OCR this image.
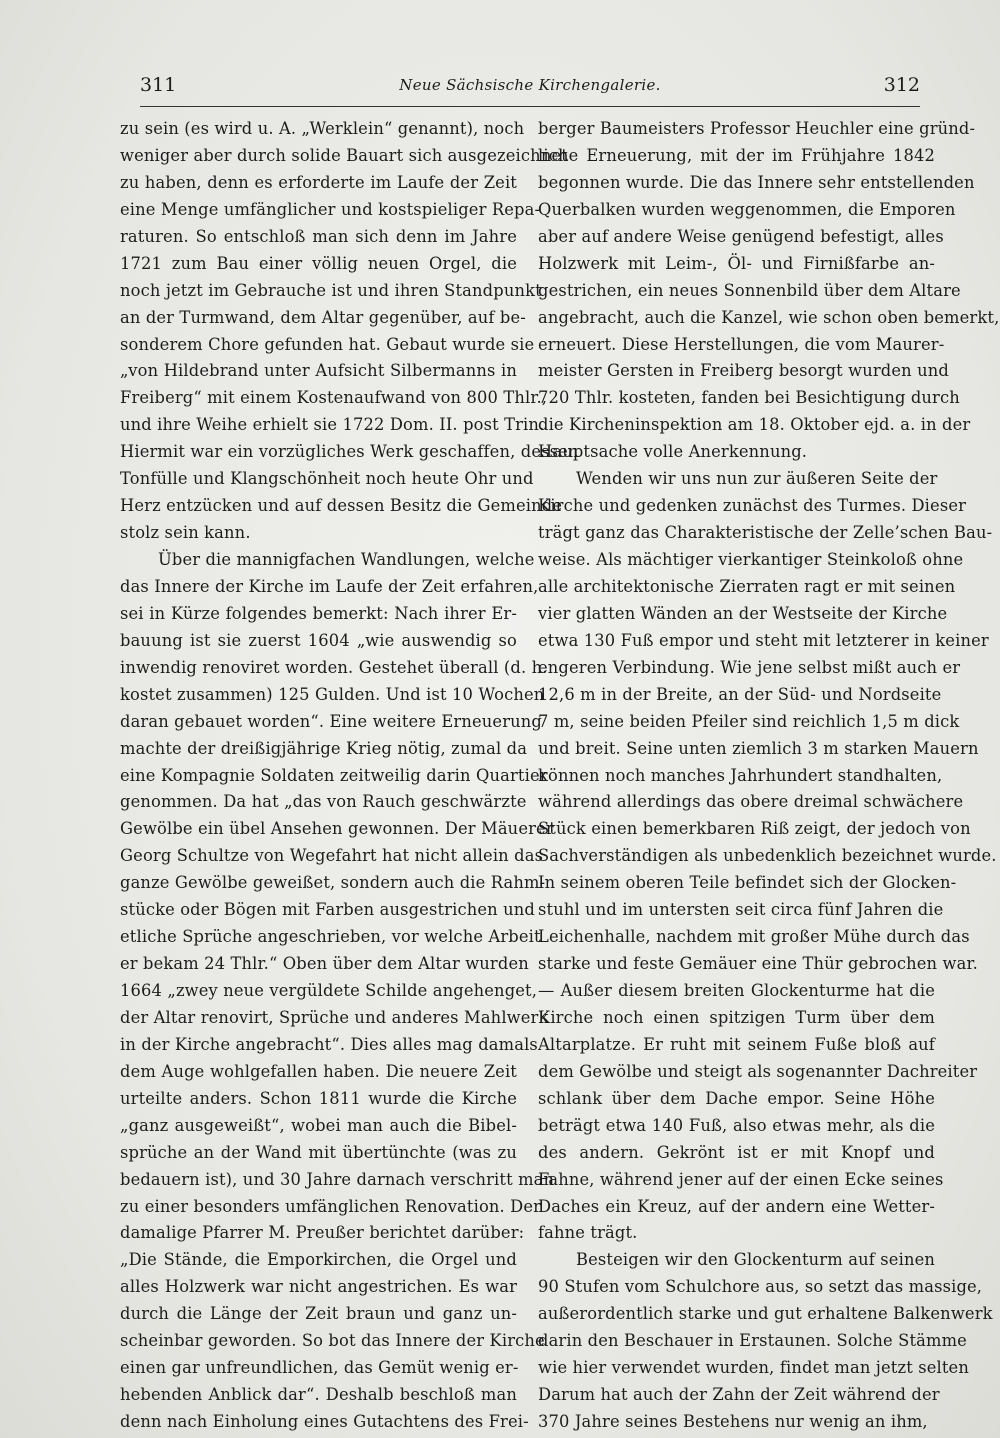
311	Neue Sächsische Kirchengalerie.	312
zu sein (es wird u. A. „Werklein“ genannt), noch
weniger aber durch solide Bauart sich ausgezeichnet
zu haben, denn es erforderte im Laufe der Zeit
eine Menge umfänglicher und kostspieliger Repa-
raturen. So entschloß man sich denn im Jahre
1721 zum Bau einer völlig neuen Orgel, die
noch jetzt im Gebrauche ist und ihren Standpunkt
an der Turmwand, dem Altar gegenüber, auf be-
sonderem Chore gefunden hat. Gebaut wurde sie
„von Hildebrand unter Aufsicht Silbermanns in
Freiberg“ mit einem Kostenaufwand von 800 Thlr.,
und ihre Weihe erhielt sie 1722 Dom. II. post Trin.
Hiermit war ein vorzügliches Werk geschaffen, dessen
Tonfülle und Klangschönheit noch heute Ohr und
Herz entzücken und auf dessen Besitz die Gemeinde
stolz sein kann.
Über die mannigfachen Wandlungen, welche
das Innere der Kirche im Laufe der Zeit erfahren,
sei in Kürze folgendes bemerkt: Nach ihrer Er-
bauung ist sie zuerst 1604 „wie auswendig so
inwendig renoviret worden. Gestehet überall (d. h.
kostet zusammen) 125 Gulden. Und ist 10 Wochen
daran gebauet worden“. Eine weitere Erneuerung
machte der dreißigjährige Krieg nötig, zumal da
eine Kompagnie Soldaten zeitweilig darin Quartier
genommen. Da hat „das von Rauch geschwärzte
Gewölbe ein übel Ansehen gewonnen. Der Mäuerer
Georg Schultze von Wegefahrt hat nicht allein das
ganze Gewölbe geweißet, sondern auch die Rahm-
stücke oder Bögen mit Farben ausgestrichen und
etliche Sprüche angeschrieben, vor welche Arbeit
er bekam 24 Thlr.“ Oben über dem Altar wurden
1664 „zwey neue vergüldete Schilde angehenget,
der Altar renovirt, Sprüche und anderes Mahlwerk
in der Kirche angebracht“. Dies alles mag damals
dem Auge wohlgefallen haben. Die neuere Zeit
urteilte anders. Schon 1811 wurde die Kirche
„ganz ausgeweißt“, wobei man auch die Bibel-
sprüche an der Wand mit übertünchte (was zu
bedauern ist), und 30 Jahre darnach verschritt man
zu einer besonders umfänglichen Renovation. Der
damalige Pfarrer M. Preußer berichtet darüber:
„Die Stände, die Emporkirchen, die Orgel und
alles Holzwerk war nicht angestrichen. Es war
durch die Länge der Zeit braun und ganz un-
scheinbar geworden. So bot das Innere der Kirche
einen gar unfreundlichen, das Gemüt wenig er-
hebenden Anblick dar“. Deshalb beschloß man
denn nach Einholung eines Gutachtens des Frei-
berger Baumeisters Professor Heuchler eine gründ-
liche Erneuerung, mit der im Frühjahre 1842
begonnen wurde. Die das Innere sehr entstellenden
Querbalken wurden weggenommen, die Emporen
aber auf andere Weise genügend befestigt, alles
Holzwerk mit Leim-, Öl- und Firnißfarbe an-
gestrichen, ein neues Sonnenbild über dem Altare
angebracht, auch die Kanzel, wie schon oben bemerkt,
erneuert. Diese Herstellungen, die vom Maurer-
meister Gersten in Freiberg besorgt wurden und
720 Thlr. kosteten, fanden bei Besichtigung durch
die Kircheninspektion am 18. Oktober ejd. a. in der
Hauptsache volle Anerkennung.
Wenden wir uns nun zur äußeren Seite der
Kirche und gedenken zunächst des Turmes. Dieser
trägt ganz das Charakteristische der Zelle’schen Bau-
weise. Als mächtiger vierkantiger Steinkoloß ohne
alle architektonische Zierraten ragt er mit seinen
vier glatten Wänden an der Westseite der Kirche
etwa 130 Fuß empor und steht mit letzterer in keiner
engeren Verbindung. Wie jene selbst mißt auch er
12,6 m in der Breite, an der Süd- und Nordseite
7 m, seine beiden Pfeiler sind reichlich 1,5 m dick
und breit. Seine unten ziemlich 3 m starken Mauern
können noch manches Jahrhundert standhalten,
während allerdings das obere dreimal schwächere
Stück einen bemerkbaren Riß zeigt, der jedoch von
Sachverständigen als unbedenklich bezeichnet wurde.
In seinem oberen Teile befindet sich der Glocken-
stuhl und im untersten seit circa fünf Jahren die
Leichenhalle, nachdem mit großer Mühe durch das
starke und feste Gemäuer eine Thür gebrochen war.
— Außer diesem breiten Glockenturme hat die
Kirche noch einen spitzigen Turm über dem
Altarplatze. Er ruht mit seinem Fuße bloß auf
dem Gewölbe und steigt als sogenannter Dachreiter
schlank über dem Dache empor. Seine Höhe
beträgt etwa 140 Fuß, also etwas mehr, als die
des andern. Gekrönt ist er mit Knopf und
Fahne, während jener auf der einen Ecke seines
Daches ein Kreuz, auf der andern eine Wetter-
fahne trägt.
Besteigen wir den Glockenturm auf seinen
90 Stufen vom Schulchore aus, so setzt das massige,
außerordentlich starke und gut erhaltene Balkenwerk
darin den Beschauer in Erstaunen. Solche Stämme
wie hier verwendet wurden, findet man jetzt selten
Darum hat auch der Zahn der Zeit während der
370 Jahre seines Bestehens nur wenig an ihm,
